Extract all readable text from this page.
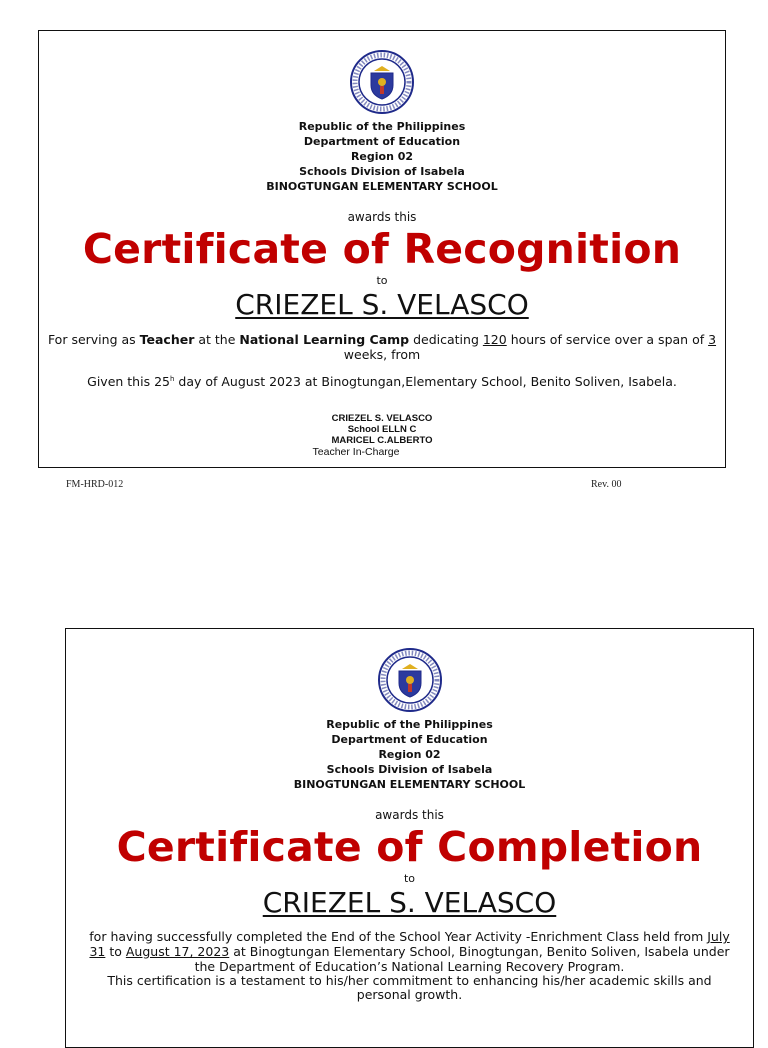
Republic of the Philippines
Department of Education
Region 02
Schools Division of Isabela
BINOGTUNGAN ELEMENTARY SCHOOL
awards this
Certificate of Recognition
to
CRIEZEL S. VELASCO
For serving as Teacher at the National Learning Camp dedicating 120 hours of service over a span of 3 weeks, from
Given this 25$^h$ day of August 2023 at Binogtungan,Elementary School, Benito Soliven, Isabela.
CRIEZEL S. VELASCO
School ELLN C
MARICEL C.ALBERTO
Teacher In-Charge
FM-HRD-012	Rev. 00
Republic of the Philippines
Department of Education
Region 02
Schools Division of Isabela
BINOGTUNGAN ELEMENTARY SCHOOL
awards this
Certificate of Completion
to
CRIEZEL S. VELASCO
for having successfully completed the End of the School Year Activity -Enrichment Class held from July 31 to August 17, 2023 at Binogtungan Elementary School, Binogtungan, Benito Soliven, Isabela under the Department of Education’s National Learning Recovery Program.
This certification is a testament to his/her commitment to enhancing his/her academic skills and personal growth.
